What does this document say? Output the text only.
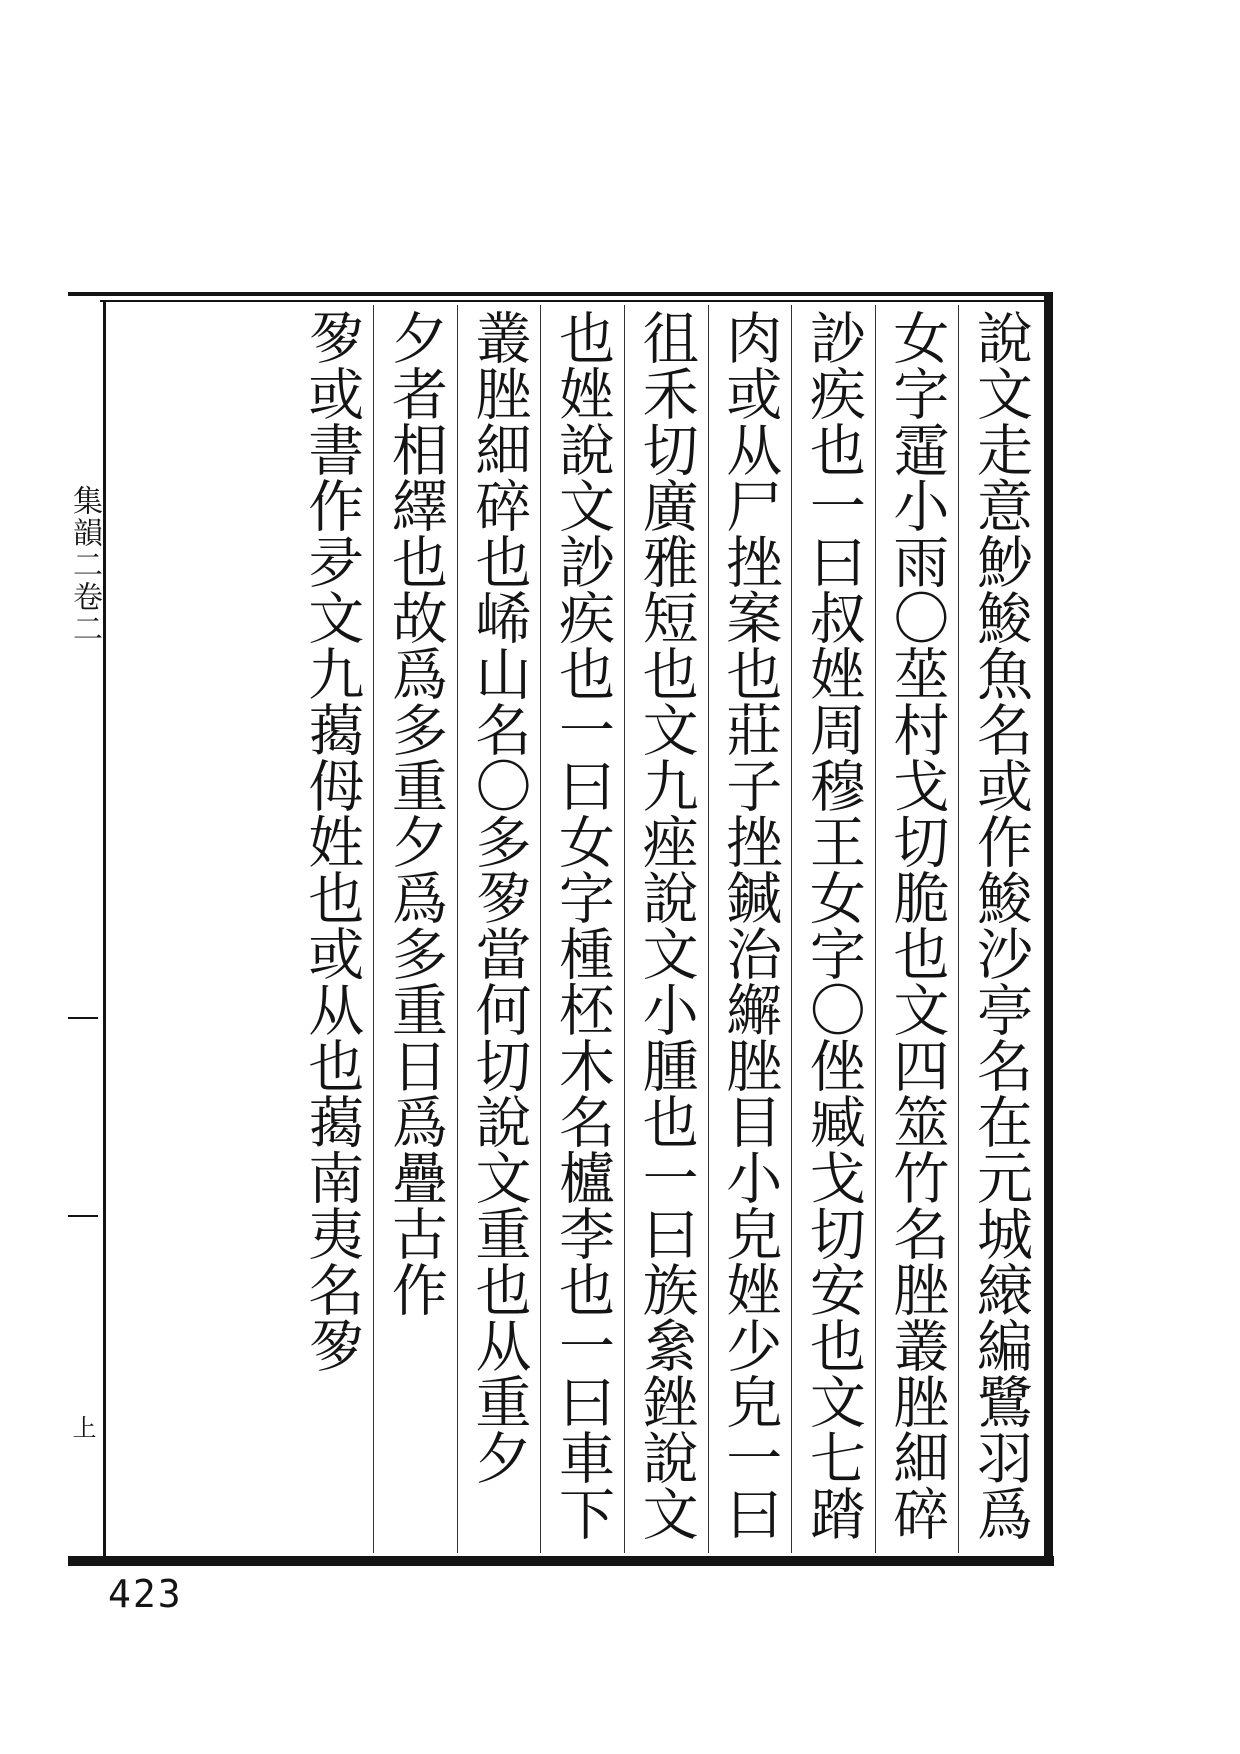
集韻二卷二
上
說文走意魦鮻魚名或作鮻沙亭名在元城縗編鷺羽爲
女字䨤小雨〇莝村戈切脆也文四筮竹名脞叢脞細碎
訬疾也一曰叔㛗周穆王女字〇侳臧戈切安也文七䠌
肉或从尸挫案也莊子挫鍼治繲脞目小皃㛗少皃一曰
徂禾切廣雅短也文九痤說文小腫也一曰族絫銼說文
也㛗說文訬疾也一曰女字㮔柸木名櫨李也一曰車下
叢脞細碎也㟓山名〇多㚉當何切說文重也从重夕
夕者相繹也故爲多重夕爲多重日爲疊古作
㚉或書作夛文九䔾㑄姓也或从也䔾南夷名㚉
423
